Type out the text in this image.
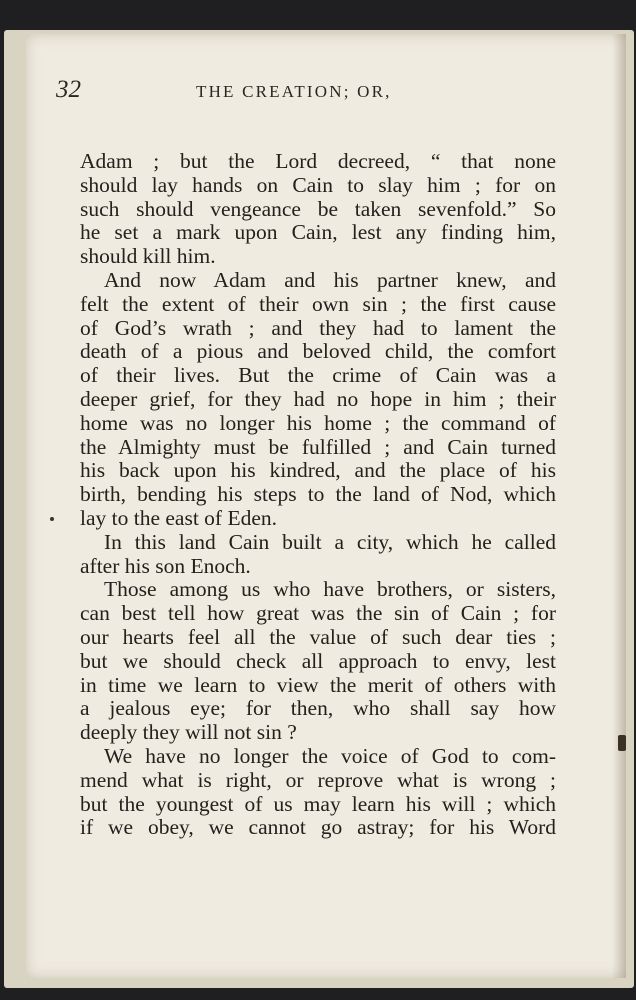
32	THE CREATION; OR,
Adam ; but the Lord decreed, “ that none
should lay hands on Cain to slay him ; for on
such should vengeance be taken sevenfold.” So
he set a mark upon Cain, lest any finding him,
should kill him.
And now Adam and his partner knew, and
felt the extent of their own sin ; the first cause
of God’s wrath ; and they had to lament the
death of a pious and beloved child, the comfort
of their lives. But the crime of Cain was a
deeper grief, for they had no hope in him ; their
home was no longer his home ; the command of
the Almighty must be fulfilled ; and Cain turned
his back upon his kindred, and the place of his
birth, bending his steps to the land of Nod, which
lay to the east of Eden.
In this land Cain built a city, which he called
after his son Enoch.
Those among us who have brothers, or sisters,
can best tell how great was the sin of Cain ; for
our hearts feel all the value of such dear ties ;
but we should check all approach to envy, lest
in time we learn to view the merit of others with
a jealous eye; for then, who shall say how
deeply they will not sin ?
We have no longer the voice of God to com-
mend what is right, or reprove what is wrong ;
but the youngest of us may learn his will ; which
if we obey, we cannot go astray; for his Word
